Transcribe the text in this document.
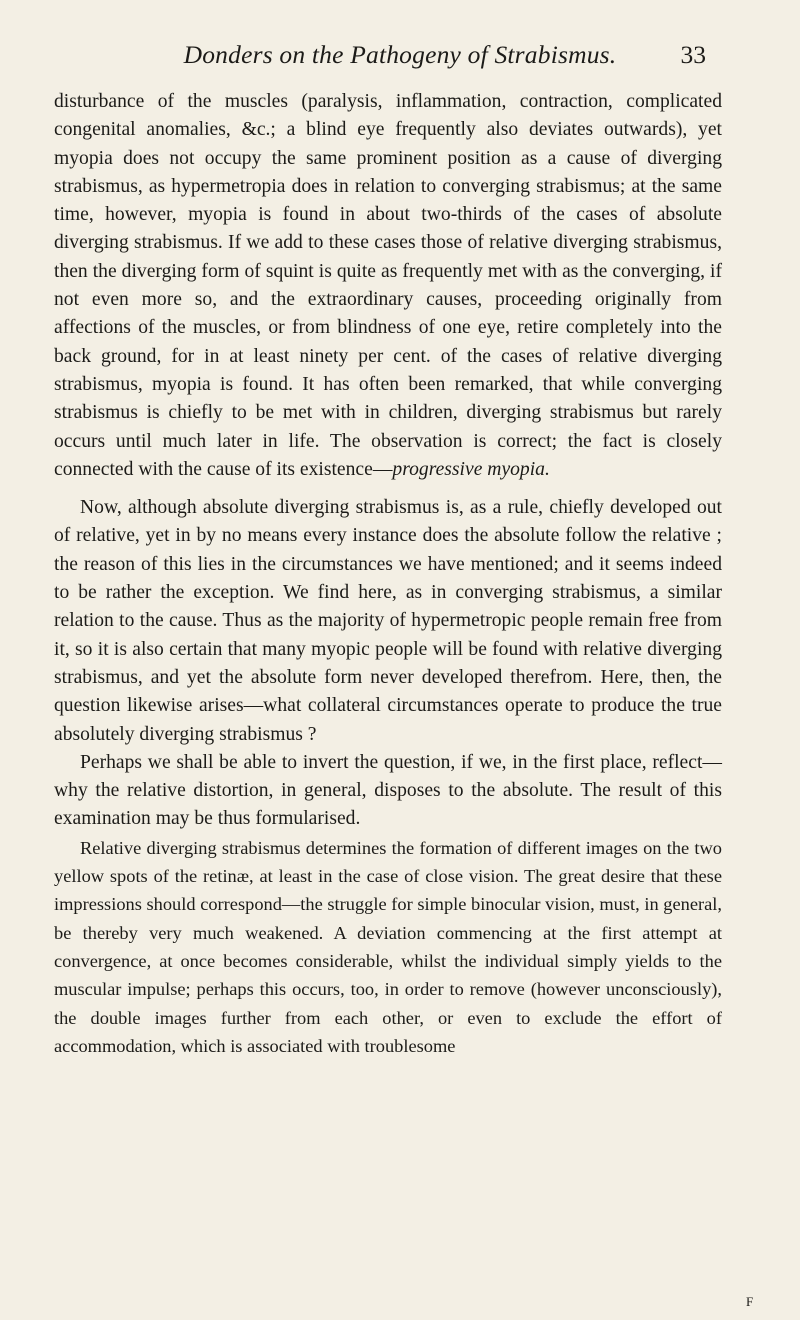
Donders on the Pathogeny of Strabismus.	33

disturbance of the muscles (paralysis, inflammation, contraction, complicated congenital anomalies, &c.; a blind eye frequently also deviates outwards), yet myopia does not occupy the same prominent position as a cause of diverging strabismus, as hypermetropia does in relation to converging strabismus; at the same time, however, myopia is found in about two-thirds of the cases of absolute diverging strabismus. If we add to these cases those of relative diverging strabismus, then the diverging form of squint is quite as frequently met with as the converging, if not even more so, and the extraordinary causes, proceeding originally from affections of the muscles, or from blindness of one eye, retire completely into the back ground, for in at least ninety per cent. of the cases of relative diverging strabismus, myopia is found. It has often been remarked, that while converging strabismus is chiefly to be met with in children, diverging strabismus but rarely occurs until much later in life. The observation is correct; the fact is closely connected with the cause of its existence—progressive myopia.

Now, although absolute diverging strabismus is, as a rule, chiefly developed out of relative, yet in by no means every instance does the absolute follow the relative ; the reason of this lies in the circumstances we have mentioned; and it seems indeed to be rather the exception. We find here, as in converging strabismus, a similar relation to the cause. Thus as the majority of hypermetropic people remain free from it, so it is also certain that many myopic people will be found with relative diverging strabismus, and yet the absolute form never developed therefrom. Here, then, the question likewise arises—what collateral circumstances operate to produce the true absolutely diverging strabismus ?

Perhaps we shall be able to invert the question, if we, in the first place, reflect—why the relative distortion, in general, disposes to the absolute. The result of this examination may be thus formularised.

Relative diverging strabismus determines the formation of different images on the two yellow spots of the retinæ, at least in the case of close vision. The great desire that these impressions should correspond—the struggle for simple binocular vision, must, in general, be thereby very much weakened. A deviation commencing at the first attempt at convergence, at once becomes considerable, whilst the individual simply yields to the muscular impulse; perhaps this occurs, too, in order to remove (however unconsciously), the double images further from each other, or even to exclude the effort of accommodation, which is associated with troublesome

F
